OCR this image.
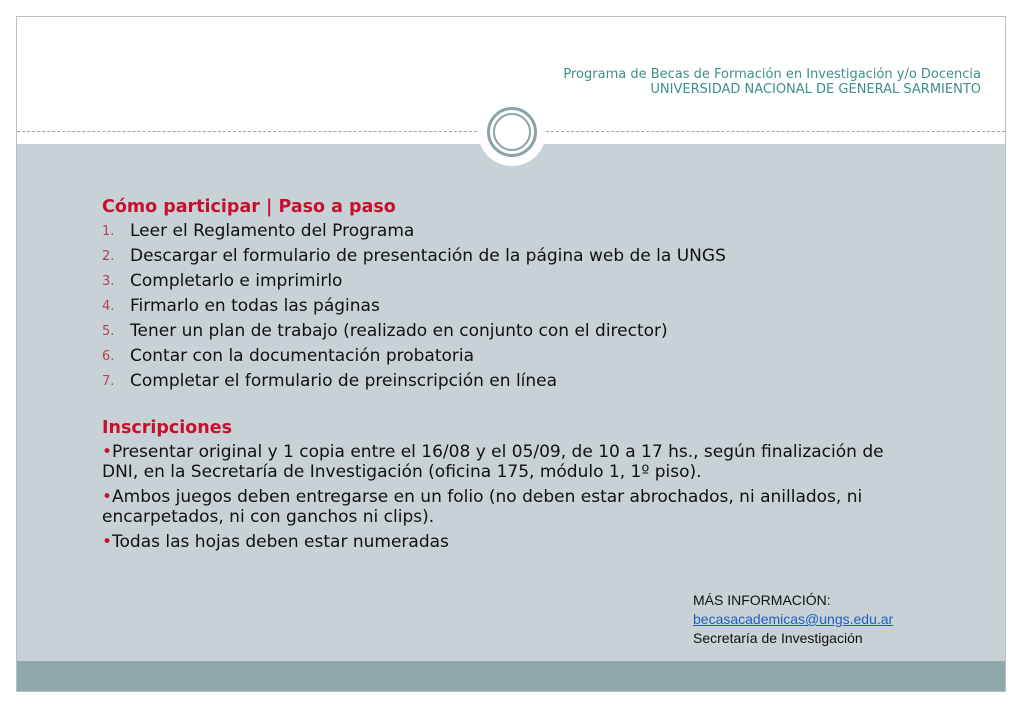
Programa de Becas de Formación en Investigación y/o Docencia
UNIVERSIDAD NACIONAL DE GENERAL SARMIENTO

Cómo participar | Paso a paso

1. Leer el Reglamento del Programa
2. Descargar el formulario de presentación de la página web de la UNGS
3. Completarlo e imprimirlo
4. Firmarlo en todas las páginas
5. Tener un plan de trabajo (realizado en conjunto con el director)
6. Contar con la documentación probatoria
7. Completar el formulario de preinscripción en línea

Inscripciones

•Presentar original y 1 copia entre el 16/08 y el 05/09, de 10 a 17 hs., según finalización de DNI, en la Secretaría de Investigación (oficina 175, módulo 1, 1º piso).
•Ambos juegos deben entregarse en un folio (no deben estar abrochados, ni anillados, ni encarpetados, ni con ganchos ni clips).
•Todas las hojas deben estar numeradas
MÁS INFORMACIÓN:
becasacademicas@ungs.edu.ar
Secretaría de Investigación
